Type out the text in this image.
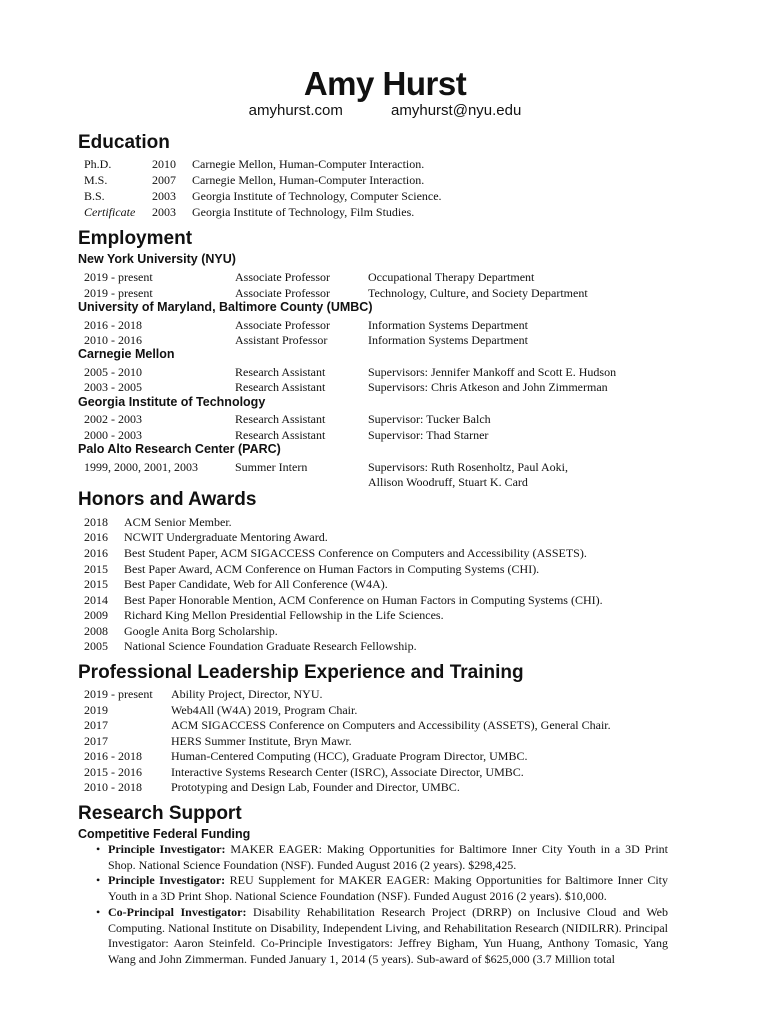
Amy Hurst
amyhurst.com	amyhurst@nyu.edu
Education
Ph.D.	2010 Carnegie Mellon, Human-Computer Interaction.
M.S.	2007 Carnegie Mellon, Human-Computer Interaction.
B.S.	2003 Georgia Institute of Technology, Computer Science.
Certificate 2003 Georgia Institute of Technology, Film Studies.
Employment
New York University (NYU)
2019 - present	Associate Professor	Occupational Therapy Department
2019 - present	Associate Professor	Technology, Culture, and Society Department
University of Maryland, Baltimore County (UMBC)
2016 - 2018	Associate Professor	Information Systems Department
2010 - 2016	Assistant Professor	Information Systems Department
Carnegie Mellon
2005 - 2010	Research Assistant	Supervisors: Jennifer Mankoff and Scott E. Hudson
2003 - 2005	Research Assistant	Supervisors: Chris Atkeson and John Zimmerman
Georgia Institute of Technology
2002 - 2003	Research Assistant	Supervisor: Tucker Balch
2000 - 2003	Research Assistant	Supervisor: Thad Starner
Palo Alto Research Center (PARC)
1999, 2000, 2001, 2003	Summer Intern	Supervisors: Ruth Rosenholtz, Paul Aoki,
Allison Woodruff, Stuart K. Card
Honors and Awards
2018 ACM Senior Member.
2016 NCWIT Undergraduate Mentoring Award.
2016 Best Student Paper, ACM SIGACCESS Conference on Computers and Accessibility (ASSETS).
2015 Best Paper Award, ACM Conference on Human Factors in Computing Systems (CHI).
2015 Best Paper Candidate, Web for All Conference (W4A).
2014 Best Paper Honorable Mention, ACM Conference on Human Factors in Computing Systems (CHI).
2009 Richard King Mellon Presidential Fellowship in the Life Sciences.
2008 Google Anita Borg Scholarship.
2005 National Science Foundation Graduate Research Fellowship.
Professional Leadership Experience and Training
2019 - present Ability Project, Director, NYU.
2019	Web4All (W4A) 2019, Program Chair.
2017	ACM SIGACCESS Conference on Computers and Accessibility (ASSETS), General Chair.
2017	HERS Summer Institute, Bryn Mawr.
2016 - 2018 Human-Centered Computing (HCC), Graduate Program Director, UMBC.
2015 - 2016 Interactive Systems Research Center (ISRC), Associate Director, UMBC.
2010 - 2018 Prototyping and Design Lab, Founder and Director, UMBC.
Research Support
Competitive Federal Funding
• Principle Investigator: MAKER EAGER: Making Opportunities for Baltimore Inner City Youth in a 3D Print Shop. National Science Foundation (NSF). Funded August 2016 (2 years). $298,425.
• Principle Investigator: REU Supplement for MAKER EAGER: Making Opportunities for Baltimore Inner City Youth in a 3D Print Shop. National Science Foundation (NSF). Funded August 2016 (2 years). $10,000.
• Co-Principal Investigator: Disability Rehabilitation Research Project (DRRP) on Inclusive Cloud and Web Computing. National Institute on Disability, Independent Living, and Rehabilitation Research (NIDILRR). Principal Investigator: Aaron Steinfeld. Co-Principle Investigators: Jeffrey Bigham, Yun Huang, Anthony Tomasic, Yang Wang and John Zimmerman. Funded January 1, 2014 (5 years). Sub-award of $625,000 (3.7 Million total
